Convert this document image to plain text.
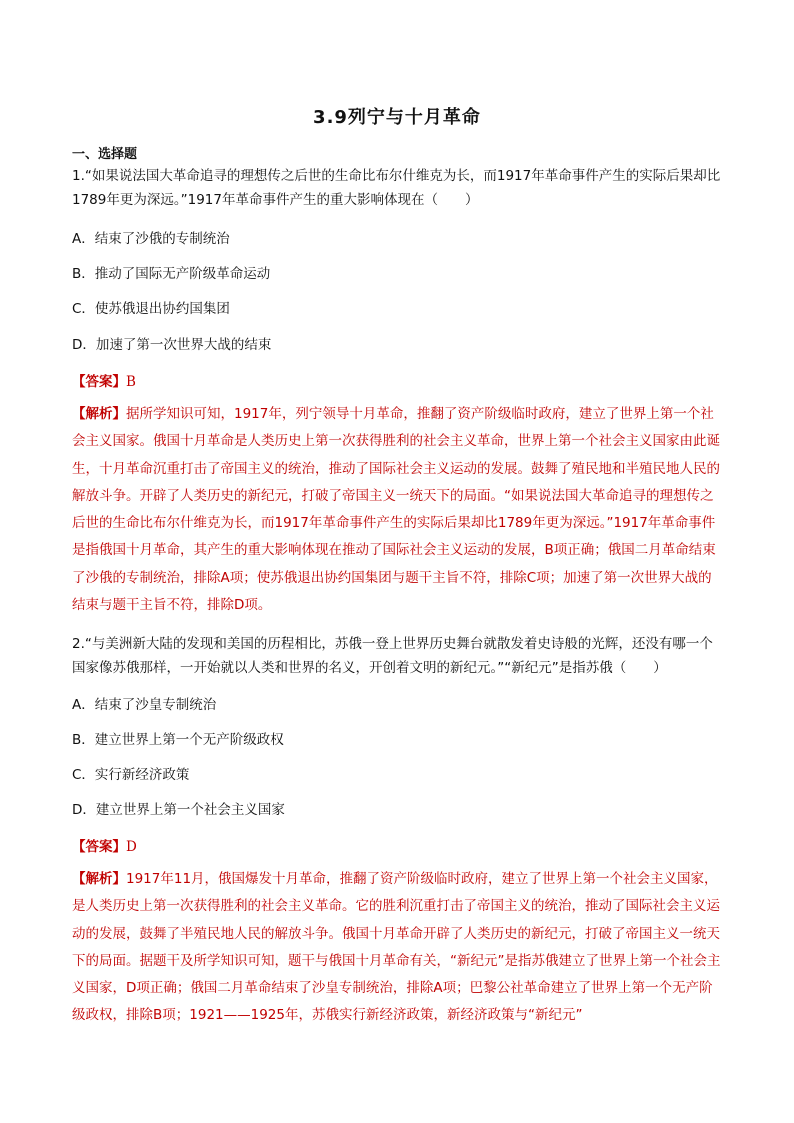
3.9列宁与十月革命
一、选择题
1.“如果说法国大革命追寻的理想传之后世的生命比布尔什维克为长，而1917年革命事件产生的实际后果却比1789年更为深远。”1917年革命事件产生的重大影响体现在（　　）
A．结束了沙俄的专制统治
B．推动了国际无产阶级革命运动
C．使苏俄退出协约国集团
D．加速了第一次世界大战的结束
【答案】B
【解析】据所学知识可知，1917年，列宁领导十月革命，推翻了资产阶级临时政府，建立了世界上第一个社会主义国家。俄国十月革命是人类历史上第一次获得胜利的社会主义革命，世界上第一个社会主义国家由此诞生，十月革命沉重打击了帝国主义的统治，推动了国际社会主义运动的发展。鼓舞了殖民地和半殖民地人民的解放斗争。开辟了人类历史的新纪元，打破了帝国主义一统天下的局面。“如果说法国大革命追寻的理想传之后世的生命比布尔什维克为长，而1917年革命事件产生的实际后果却比1789年更为深远。”1917年革命事件是指俄国十月革命，其产生的重大影响体现在推动了国际社会主义运动的发展，B项正确；俄国二月革命结束了沙俄的专制统治，排除A项；使苏俄退出协约国集团与题干主旨不符，排除C项；加速了第一次世界大战的结束与题干主旨不符，排除D项。
2.“与美洲新大陆的发现和美国的历程相比，苏俄一登上世界历史舞台就散发着史诗般的光辉，还没有哪一个国家像苏俄那样，一开始就以人类和世界的名义，开创着文明的新纪元。”“新纪元”是指苏俄（　　）
A．结束了沙皇专制统治
B．建立世界上第一个无产阶级政权
C．实行新经济政策
D．建立世界上第一个社会主义国家
【答案】D
【解析】1917年11月，俄国爆发十月革命，推翻了资产阶级临时政府，建立了世界上第一个社会主义国家，是人类历史上第一次获得胜利的社会主义革命。它的胜利沉重打击了帝国主义的统治，推动了国际社会主义运动的发展，鼓舞了半殖民地人民的解放斗争。俄国十月革命开辟了人类历史的新纪元，打破了帝国主义一统天下的局面。据题干及所学知识可知，题干与俄国十月革命有关，“新纪元”是指苏俄建立了世界上第一个社会主义国家，D项正确；俄国二月革命结束了沙皇专制统治，排除A项；巴黎公社革命建立了世界上第一个无产阶级政权，排除B项；1921——1925年，苏俄实行新经济政策，新经济政策与“新纪元”
